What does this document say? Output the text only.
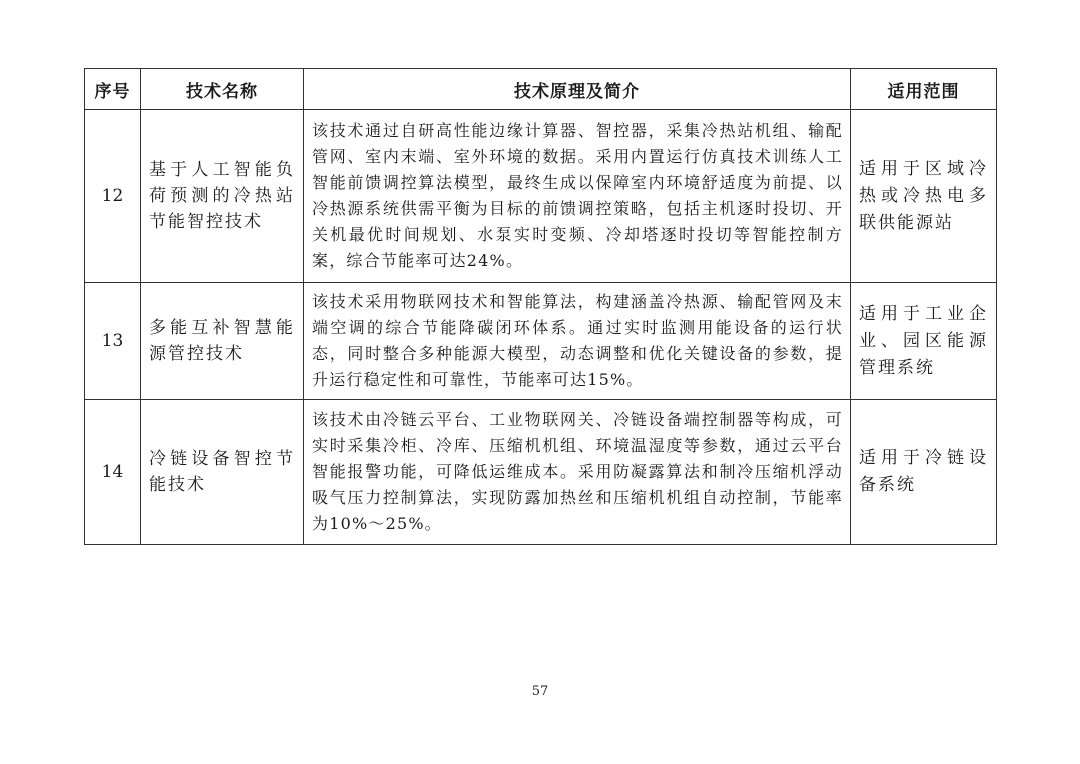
序号	技术名称	技术原理及简介	适用范围
12	基于人工智能负荷预测的冷热站节能智控技术	该技术通过自研高性能边缘计算器、智控器，采集冷热站机组、输配管网、室内末端、室外环境的数据。采用内置运行仿真技术训练人工智能前馈调控算法模型，最终生成以保障室内环境舒适度为前提、以冷热源系统供需平衡为目标的前馈调控策略，包括主机逐时投切、开关机最优时间规划、水泵实时变频、冷却塔逐时投切等智能控制方案，综合节能率可达24%。	适用于区域冷热或冷热电多联供能源站
13	多能互补智慧能源管控技术	该技术采用物联网技术和智能算法，构建涵盖冷热源、输配管网及末端空调的综合节能降碳闭环体系。通过实时监测用能设备的运行状态，同时整合多种能源大模型，动态调整和优化关键设备的参数，提升运行稳定性和可靠性，节能率可达15%。	适用于工业企业、园区能源管理系统
14	冷链设备智控节能技术	该技术由冷链云平台、工业物联网关、冷链设备端控制器等构成，可实时采集冷柜、冷库、压缩机机组、环境温湿度等参数，通过云平台智能报警功能，可降低运维成本。采用防凝露算法和制冷压缩机浮动吸气压力控制算法，实现防露加热丝和压缩机机组自动控制，节能率为10%～25%。	适用于冷链设备系统
57
